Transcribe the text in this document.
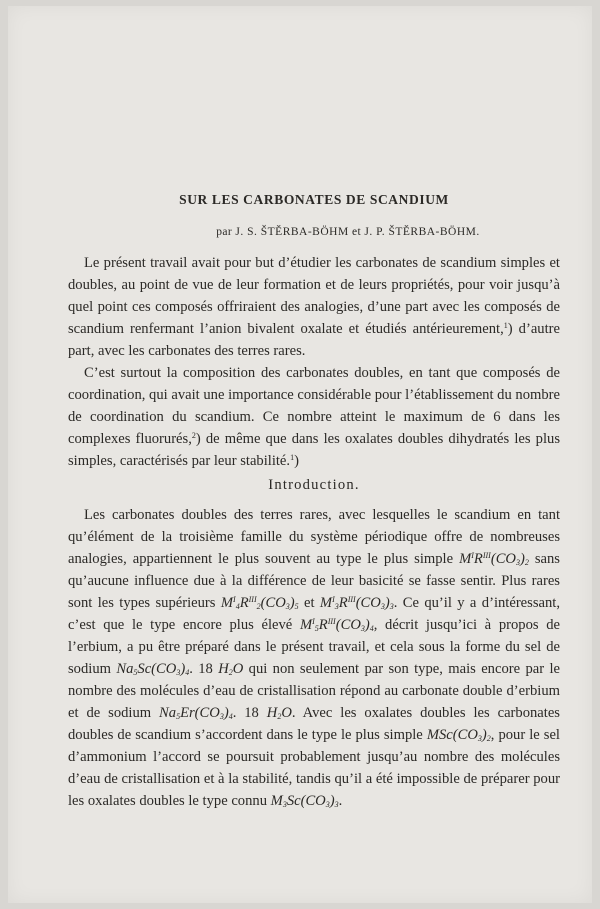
SUR LES CARBONATES DE SCANDIUM
par J. S. ŠTĚRBA-BÖHM et J. P. ŠTĚRBA-BÖHM.

Le présent travail avait pour but d’étudier les carbonates de scandium simples et doubles, au point de vue de leur formation et de leurs propriétés, pour voir jusqu’à quel point ces composés offriraient des analogies, d’une part avec les composés de scandium renfermant l’anion bivalent oxalate et étudiés antérieurement,$^1$) d’autre part, avec les carbonates des terres rares.

C’est surtout la composition des carbonates doubles, en tant que composés de coordination, qui avait une importance considérable pour l’établissement du nombre de coordination du scandium. Ce nombre atteint le maximum de 6 dans les complexes fluorurés,$^2$) de même que dans les oxalates doubles dihydratés les plus simples, caractérisés par leur stabilité.$^1$)

Introduction.

Les carbonates doubles des terres rares, avec lesquelles le scandium en tant qu’élément de la troisième famille du système périodique offre de nombreuses analogies, appartiennent le plus souvent au type le plus simple $M^IR^{III}(CO_3)_2$ sans qu’aucune influence due à la différence de leur basicité se fasse sentir. Plus rares sont les types supérieurs $M^I_4R^{III}_2(CO_3)_5$ et $M^I_3R^{III}(CO_3)_3$. Ce qu’il y a d’intéressant, c’est que le type encore plus élevé $M^I_5R^{III}(CO_3)_4$, décrit jusqu’ici à propos de l’erbium, a pu être préparé dans le présent travail, et cela sous la forme du sel de sodium $Na_5Sc(CO_3)_4$. 18 $H_2O$ qui non seulement par son type, mais encore par le nombre des molécules d’eau de cristallisation répond au carbonate double d’erbium et de sodium $Na_5Er(CO_3)_4$. 18 $H_2O$. Avec les oxalates doubles les carbonates doubles de scandium s’accordent dans le type le plus simple $MSc(CO_3)_2$, pour le sel d’ammonium l’accord se poursuit probablement jusqu’au nombre des molécules d’eau de cristallisation et à la stabilité, tandis qu’il a été impossible de préparer pour les oxalates doubles le type connu $M_3Sc(CO_3)_3$.
